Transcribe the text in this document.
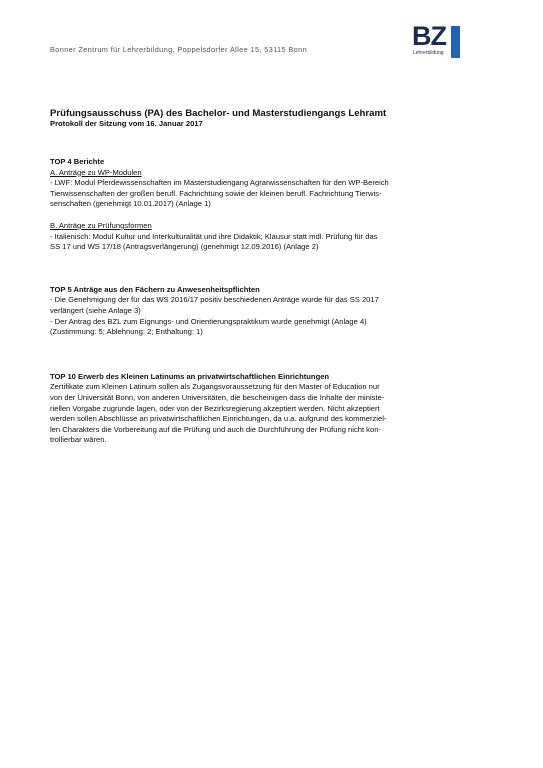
Bonner Zentrum für Lehrerbildung, Poppelsdorfer Allee 15, 53115 Bonn	BZ
Lehrerbildung

Prüfungsausschuss (PA) des Bachelor- und Masterstudiengangs Lehramt

Protokoll der Sitzung vom 16. Januar 2017

TOP 4 Berichte

A. Anträge zu WP-Modulen

- LWF: Modul Pferdewissenschaften im Masterstudiengang Agrarwissenschaften für den WP-Bereich

Tierwissenschaften der großen berufl. Fachrichtung sowie der kleinen berufl. Fachrichtung Tierwis-

senschaften (genehmigt 10.01.2017) (Anlage 1)

B. Anträge zu Prüfungsformen

- Italienisch: Modul Kultur und Interkulturalität und ihre Didaktik; Klausur statt mdl. Prüfung für das

SS 17 und WS 17/18 (Antragsverlängerung) (genehmigt 12.09.2016) (Anlage 2)

TOP 5 Anträge aus den Fächern zu Anwesenheitspflichten

- Die Genehmigung der für das WS 2016/17 positiv beschiedenen Anträge wurde für das SS 2017

verlängert (siehe Anlage 3)

- Der Antrag des BZL zum Eignungs- und Orientierungspraktikum wurde genehmigt (Anlage 4)

(Zustimmung: 5; Ablehnung: 2; Enthaltung: 1)

TOP 10 Erwerb des Kleinen Latinums an privatwirtschaftlichen Einrichtungen

Zertifikate zum Kleinen Latinum sollen als Zugangsvoraussetzung für den Master of Education nur

von der Universität Bonn, von anderen Universitäten, die bescheinigen dass die Inhalte der ministe-

riellen Vorgabe zugrunde lagen, oder von der Bezirksregierung akzeptiert werden. Nicht akzeptiert

werden sollen Abschlüsse an privatwirtschaftlichen Einrichtungen, da u.a. aufgrund des kommerziel-

len Charakters die Vorbereitung auf die Prüfung und auch die Durchführung der Prüfung nicht kon-

trollierbar wären.
